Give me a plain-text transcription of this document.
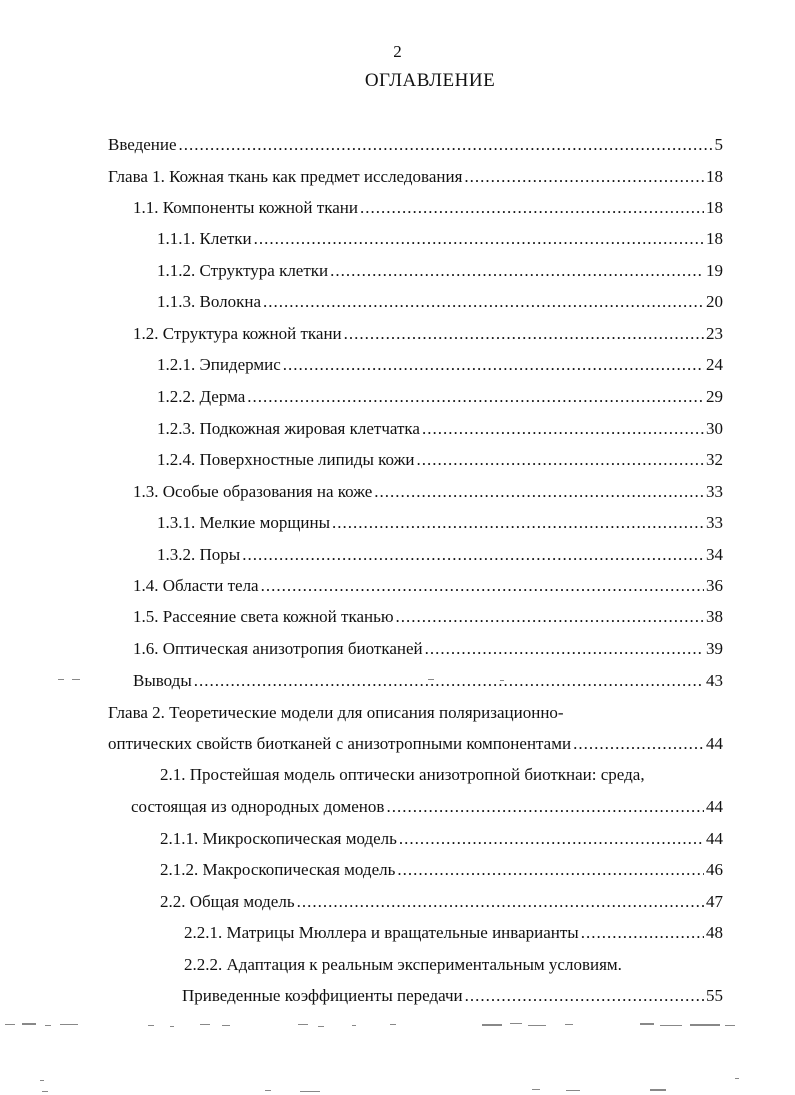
2
ОГЛАВЛЕНИЕ
Введение .....	5
Глава 1. Кожная ткань как предмет исследования .....	18
1.1. Компоненты кожной ткани .....	18
1.1.1. Клетки .....	18
1.1.2. Структура клетки .....	19
1.1.3. Волокна .....	20
1.2. Структура кожной ткани .....	23
1.2.1. Эпидермис .....	24
1.2.2. Дерма .....	29
1.2.3. Подкожная жировая клетчатка .....	30
1.2.4. Поверхностные липиды кожи .....	32
1.3. Особые образования на коже .....	33
1.3.1. Мелкие морщины .....	33
1.3.2. Поры .....	34
1.4. Области тела .....	36
1.5. Рассеяние света кожной тканью .....	38
1.6. Оптическая анизотропия биотканей .....	39
Выводы .....	43
Глава 2. Теоретические модели для описания поляризационно-
оптических свойств биотканей с анизотропными компонентами .....	44
2.1. Простейшая модель оптически анизотропной биоткнаи: среда,
состоящая из однородных доменов .....	44
2.1.1. Микроскопическая модель .....	44
2.1.2. Макроскопическая модель .....	46
2.2. Общая модель .....	47
2.2.1. Матрицы Мюллера и вращательные инварианты .....	48
2.2.2. Адаптация к реальным экспериментальным условиям.
Приведенные коэффициенты передачи .....	55
